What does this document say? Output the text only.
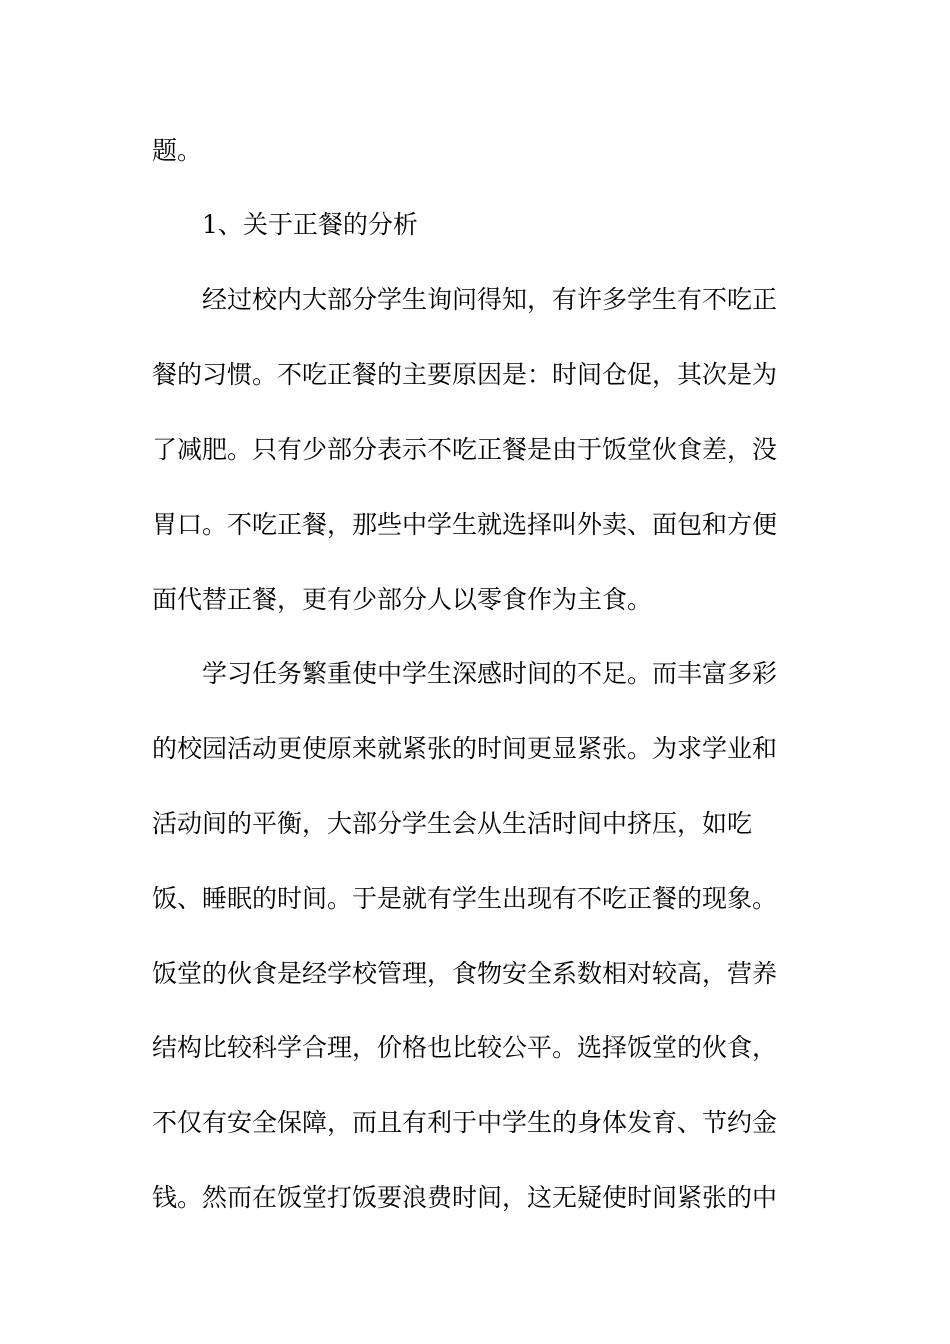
题。
1、关于正餐的分析
经过校内大部分学生询问得知，有许多学生有不吃正
餐的习惯。不吃正餐的主要原因是：时间仓促，其次是为
了减肥。只有少部分表示不吃正餐是由于饭堂伙食差，没
胃口。不吃正餐，那些中学生就选择叫外卖、面包和方便
面代替正餐，更有少部分人以零食作为主食。
学习任务繁重使中学生深感时间的不足。而丰富多彩
的校园活动更使原来就紧张的时间更显紧张。为求学业和
活动间的平衡，大部分学生会从生活时间中挤压，如吃
饭、睡眠的时间。于是就有学生出现有不吃正餐的现象。
饭堂的伙食是经学校管理，食物安全系数相对较高，营养
结构比较科学合理，价格也比较公平。选择饭堂的伙食，
不仅有安全保障，而且有利于中学生的身体发育、节约金
钱。然而在饭堂打饭要浪费时间，这无疑使时间紧张的中
